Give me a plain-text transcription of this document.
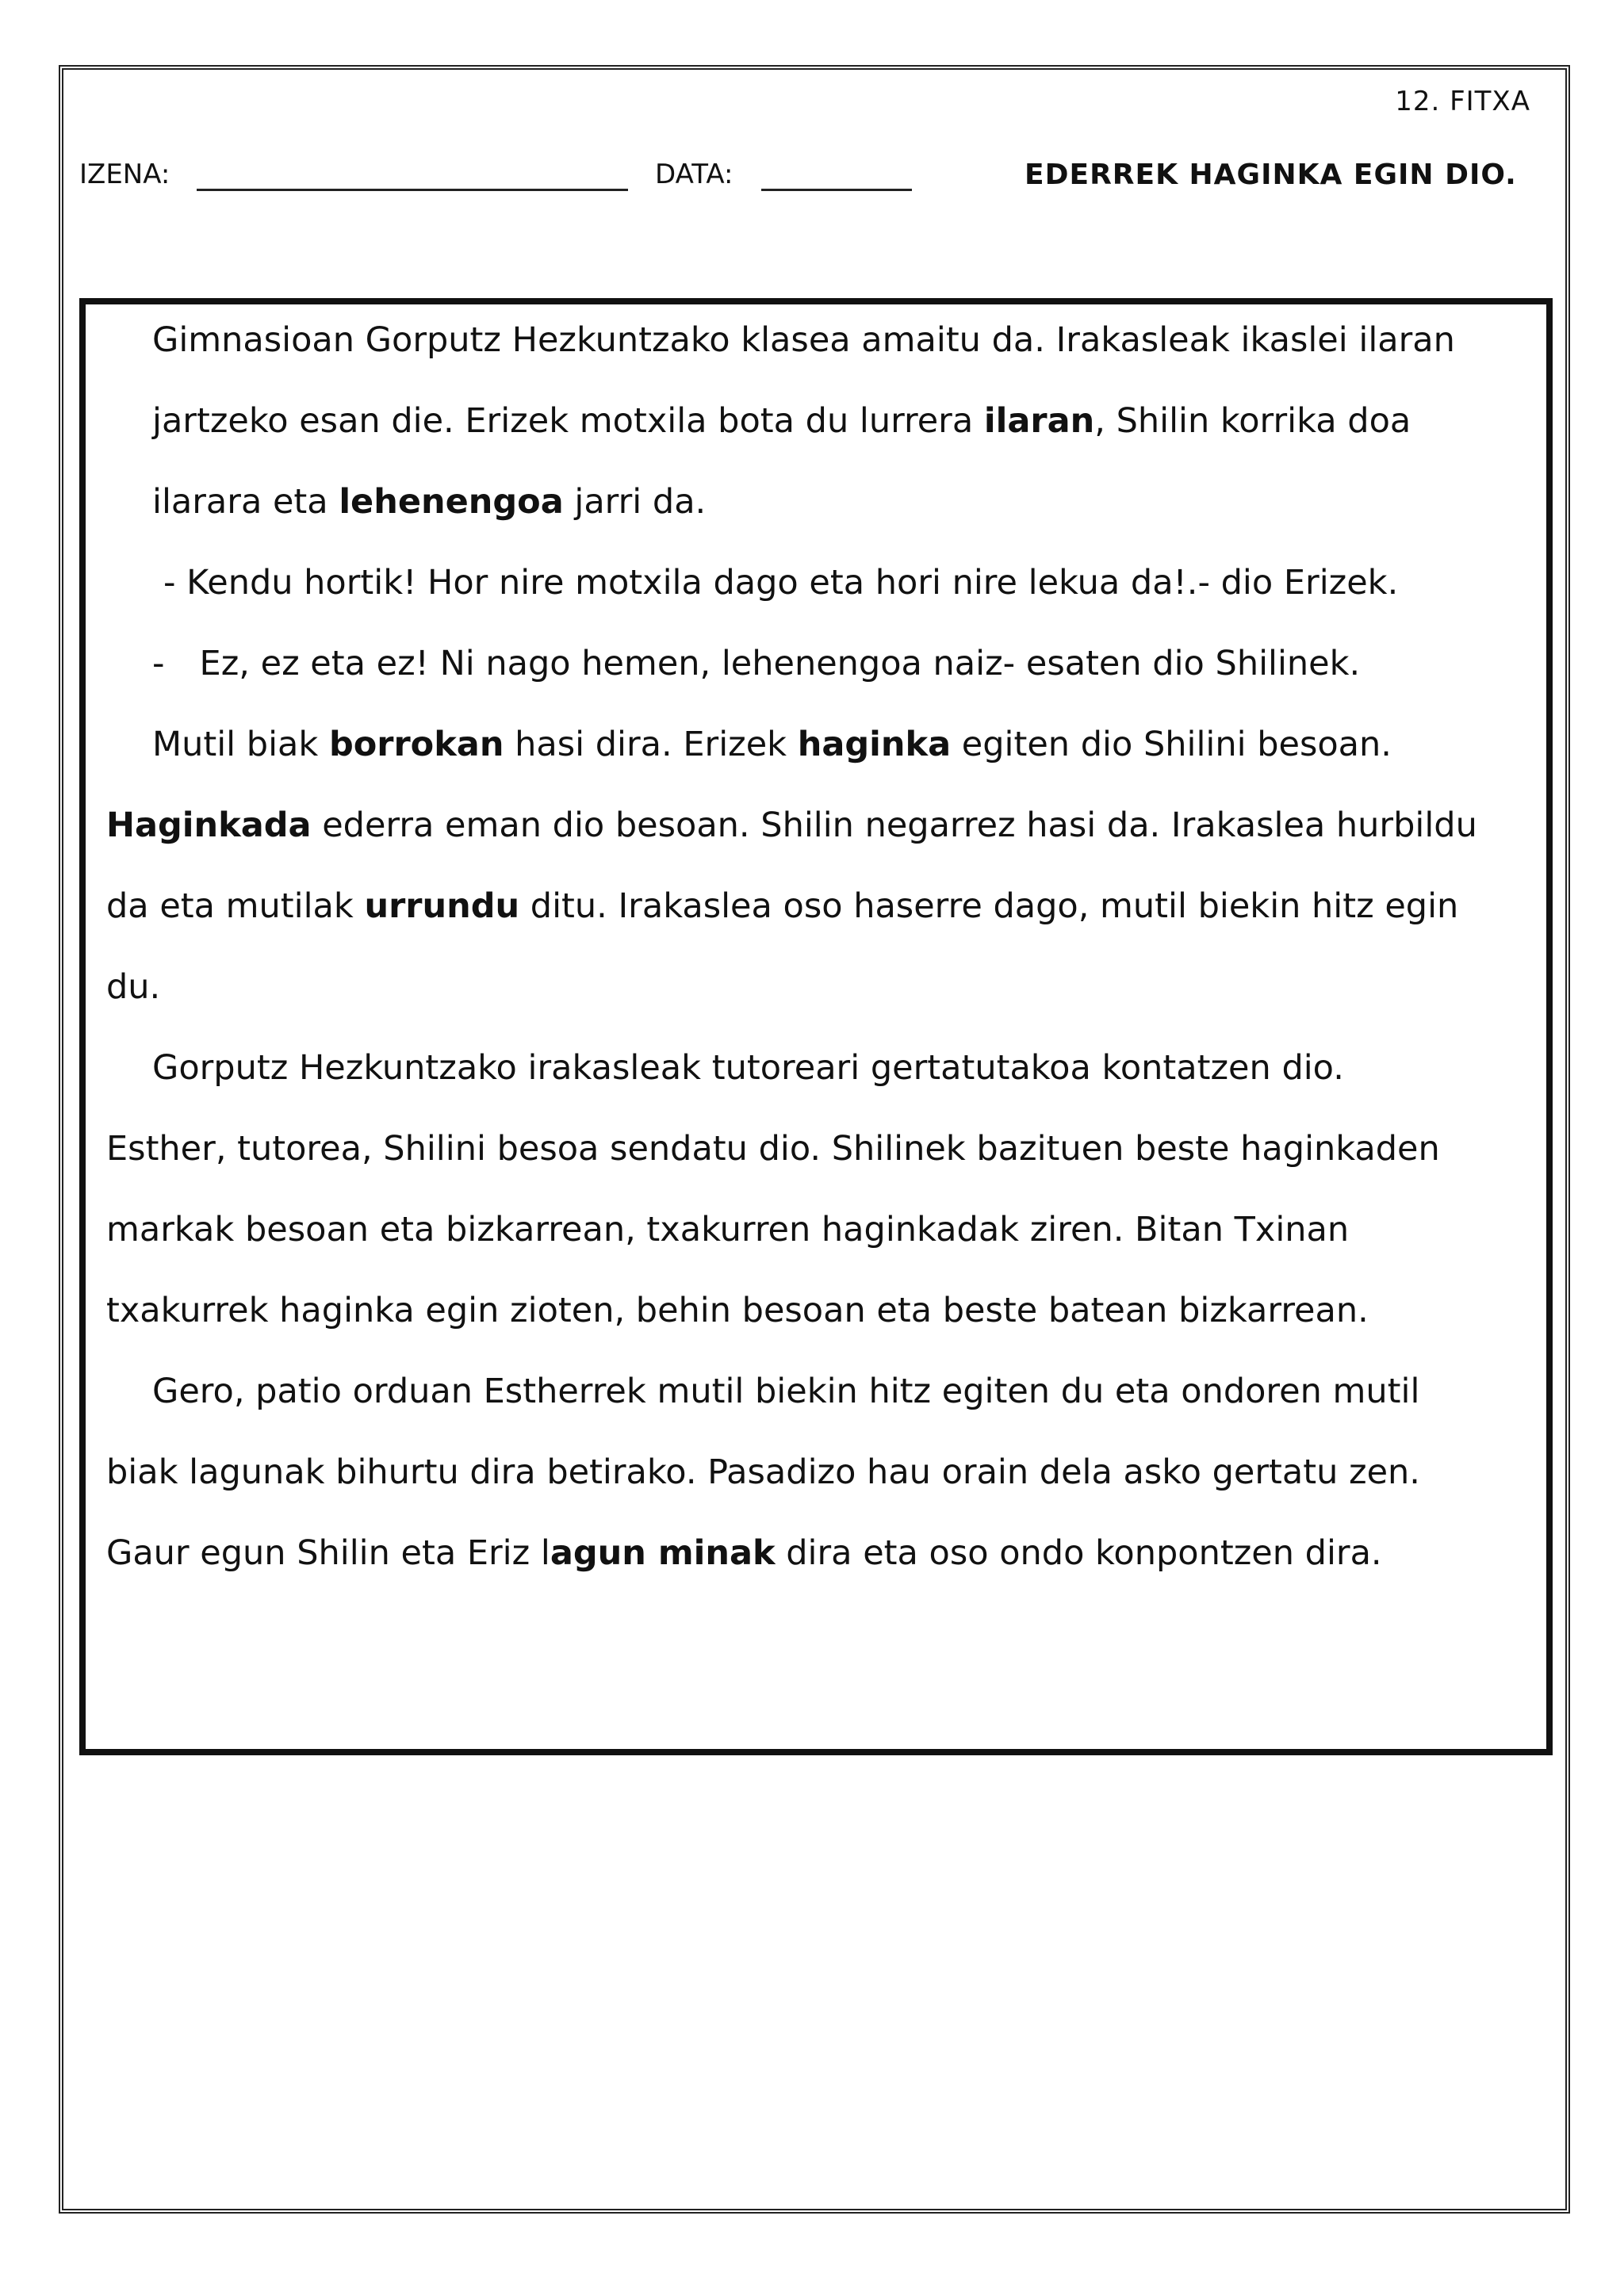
12. FITXA
IZENA:	DATA:	EDERREK HAGINKA EGIN DIO.
Gimnasioan Gorputz Hezkuntzako klasea amaitu da. Irakasleak ikaslei ilaran
jartzeko esan die. Erizek motxila bota du lurrera ilaran, Shilin korrika doa
ilarara eta lehenengoa jarri da.
- Kendu hortik! Hor nire motxila dago eta hori nire lekua da!.- dio Erizek.
- Ez, ez eta ez! Ni nago hemen, lehenengoa naiz- esaten dio Shilinek.
Mutil biak borrokan hasi dira. Erizek haginka egiten dio Shilini besoan.
Haginkada ederra eman dio besoan. Shilin negarrez hasi da. Irakaslea hurbildu
da eta mutilak urrundu ditu. Irakaslea oso haserre dago, mutil biekin hitz egin
du.
Gorputz Hezkuntzako irakasleak tutoreari gertatutakoa kontatzen dio.
Esther, tutorea, Shilini besoa sendatu dio. Shilinek bazituen beste haginkaden
markak besoan eta bizkarrean, txakurren haginkadak ziren. Bitan Txinan
txakurrek haginka egin zioten, behin besoan eta beste batean bizkarrean.
Gero, patio orduan Estherrek mutil biekin hitz egiten du eta ondoren mutil
biak lagunak bihurtu dira betirako. Pasadizo hau orain dela asko gertatu zen.
Gaur egun Shilin eta Eriz lagun minak dira eta oso ondo konpontzen dira.
